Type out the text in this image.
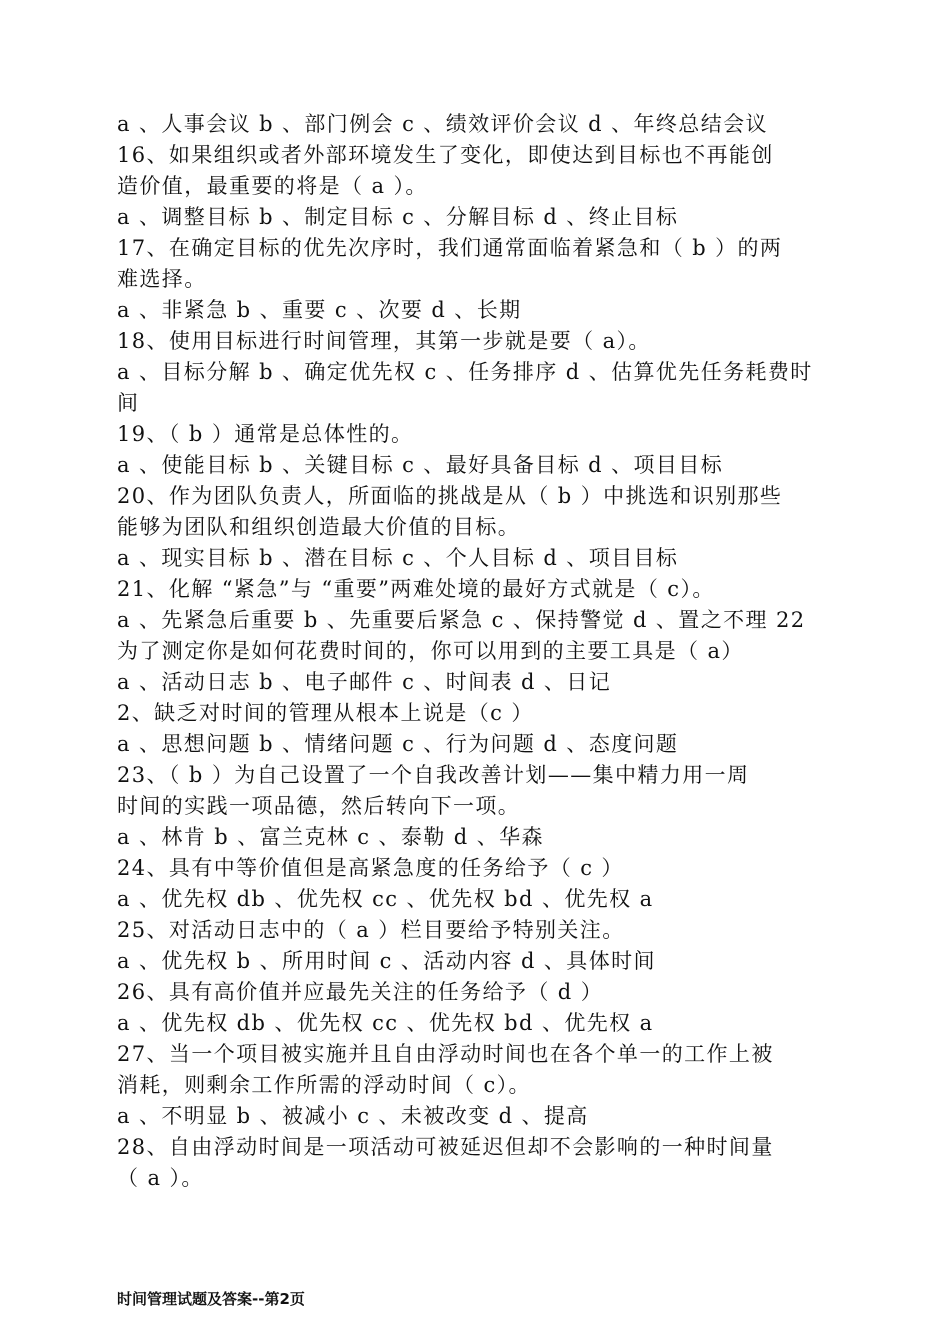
a 、人事会议 b 、部门例会 c 、绩效评价会议 d 、年终总结会议
16、如果组织或者外部环境发生了变化，即使达到目标也不再能创
造价值，最重要的将是（ a ）。
a 、调整目标 b 、制定目标 c 、分解目标 d 、终止目标
17、在确定目标的优先次序时，我们通常面临着紧急和（ b ）的两
难选择。
a 、非紧急 b 、重要 c 、次要 d 、长期
18、使用目标进行时间管理，其第一步就是要（ a）。
a 、目标分解 b 、确定优先权 c 、任务排序 d 、估算优先任务耗费时
间
19、（ b ）通常是总体性的。
a 、使能目标 b 、关键目标 c 、最好具备目标 d 、项目目标
20、作为团队负责人，所面临的挑战是从（ b ）中挑选和识别那些
能够为团队和组织创造最大价值的目标。
a 、现实目标 b 、潜在目标 c 、个人目标 d 、项目目标
21、化解 “紧急”与 “重要”两难处境的最好方式就是（ c）。
a 、先紧急后重要 b 、先重要后紧急 c 、保持警觉 d 、置之不理 22
为了测定你是如何花费时间的，你可以用到的主要工具是（ a）
a 、活动日志 b 、电子邮件 c 、时间表 d 、日记
2、缺乏对时间的管理从根本上说是（c ）
a 、思想问题 b 、情绪问题 c 、行为问题 d 、态度问题
23、（ b ）为自己设置了一个自我改善计划——集中精力用一周
时间的实践一项品德，然后转向下一项。
a 、林肯 b 、富兰克林 c 、泰勒 d 、华森
24、具有中等价值但是高紧急度的任务给予（ c ）
a 、优先权 db 、优先权 cc 、优先权 bd 、优先权 a
25、对活动日志中的（ a ）栏目要给予特别关注。
a 、优先权 b 、所用时间 c 、活动内容 d 、具体时间
26、具有高价值并应最先关注的任务给予（ d ）
a 、优先权 db 、优先权 cc 、优先权 bd 、优先权 a
27、当一个项目被实施并且自由浮动时间也在各个单一的工作上被
消耗，则剩余工作所需的浮动时间（ c）。
a 、不明显 b 、被减小 c 、未被改变 d 、提高
28、自由浮动时间是一项活动可被延迟但却不会影响的一种时间量
（ a ）。
时间管理试题及答案--第2页
